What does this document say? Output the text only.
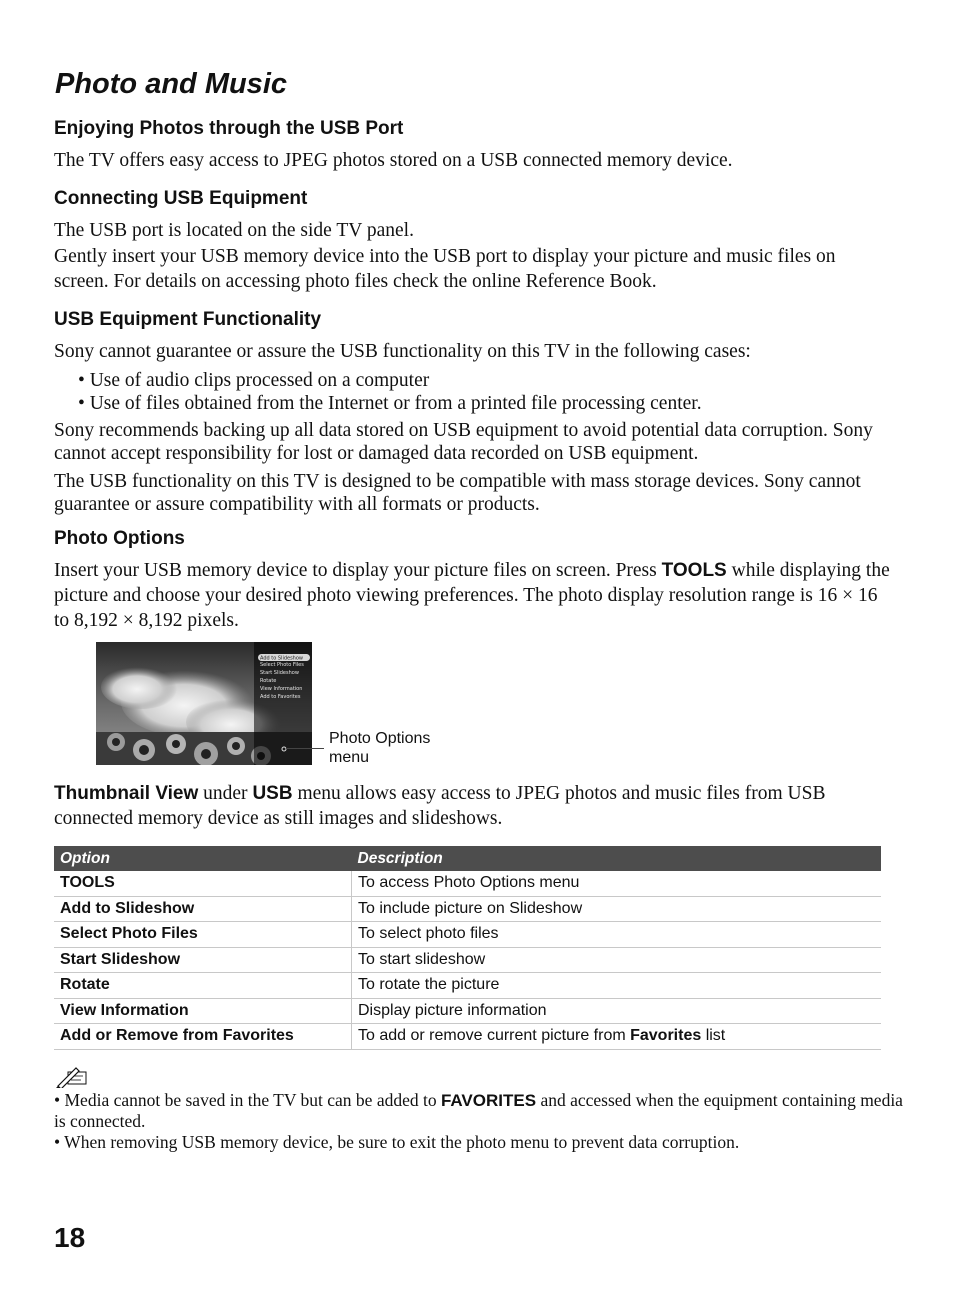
Photo and Music
Enjoying Photos through the USB Port

The TV offers easy access to JPEG photos stored on a USB connected memory device.

Connecting USB Equipment

The USB port is located on the side TV panel.

Gently insert your USB memory device into the USB port to display your picture and music files on screen. For details on accessing photo files check the online Reference Book.

USB Equipment Functionality

Sony cannot guarantee or assure the USB functionality on this TV in the following cases:

• Use of audio clips processed on a computer

• Use of files obtained from the Internet or from a printed file processing center.

Sony recommends backing up all data stored on USB equipment to avoid potential data corruption. Sony cannot accept responsibility for lost or damaged data recorded on USB equipment.

The USB functionality on this TV is designed to be compatible with mass storage devices. Sony cannot guarantee or assure compatibility with all formats or products.

Photo Options

Insert your USB memory device to display your picture files on screen. Press TOOLS while displaying the picture and choose your desired photo viewing preferences. The photo display resolution range is 16 × 16 to 8,192 × 8,192 pixels.

Add to Slideshow
Select Photo Files
Start Slideshow
Rotate
View Information
Add to Favorites
Photo Options
menu

Thumbnail View under USB menu allows easy access to JPEG photos and music files from USB connected memory device as still images and slideshows.

Option	Description
TOOLS	To access Photo Options menu
Add to Slideshow	To include picture on Slideshow
Select Photo Files	To select photo files
Start Slideshow	To start slideshow
Rotate	To rotate the picture
View Information	Display picture information
Add or Remove from Favorites	To add or remove current picture from Favorites list
• Media cannot be saved in the TV but can be added to FAVORITES and accessed when the equipment containing media is connected.
• When removing USB memory device, be sure to exit the photo menu to prevent data corruption.
18
